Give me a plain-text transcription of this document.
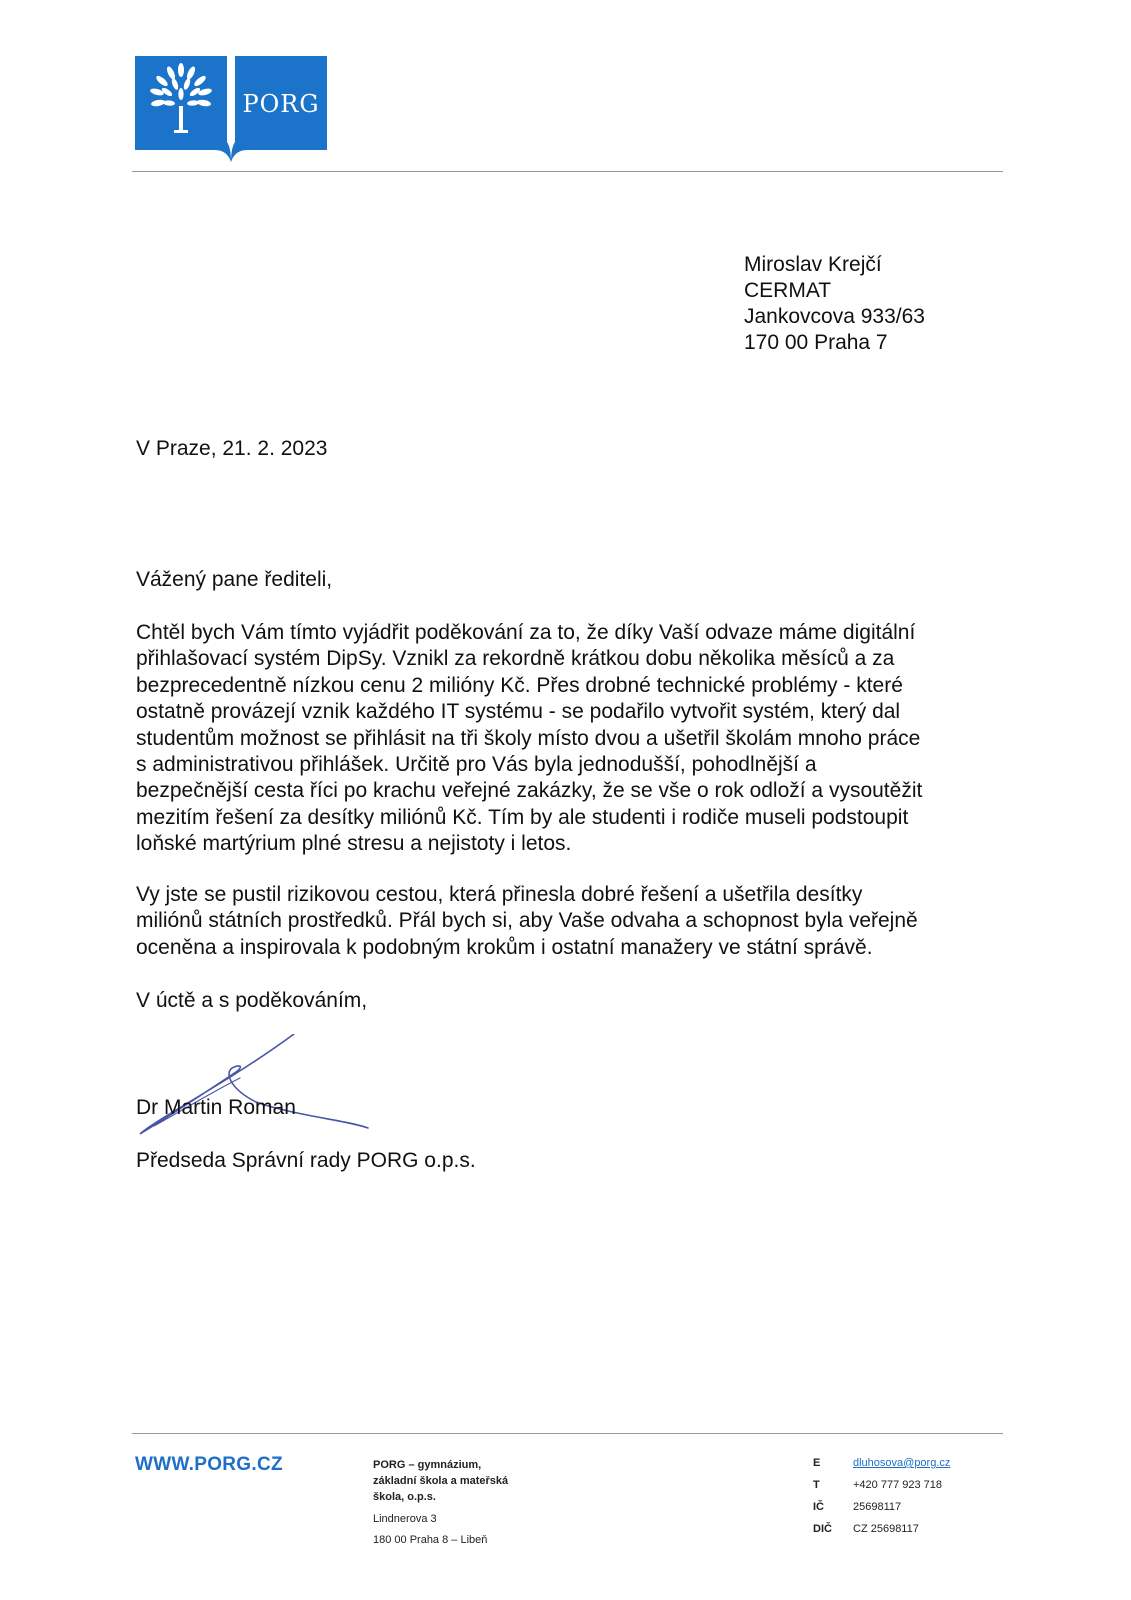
PORG
Miroslav Krejčí
CERMAT
Jankovcova 933/63
170 00 Praha 7
V Praze, 21. 2. 2023
Vážený pane řediteli,
Chtěl bych Vám tímto vyjádřit poděkování za to, že díky Vaší odvaze máme digitální
přihlašovací systém DipSy. Vznikl za rekordně krátkou dobu několika měsíců a za
bezprecedentně nízkou cenu 2 milióny Kč. Přes drobné technické problémy - které
ostatně provázejí vznik každého IT systému - se podařilo vytvořit systém, který dal
studentům možnost se přihlásit na tři školy místo dvou a ušetřil školám mnoho práce
s administrativou přihlášek. Určitě pro Vás byla jednodušší, pohodlnější a
bezpečnější cesta říci po krachu veřejné zakázky, že se vše o rok odloží a vysoutěžit
mezitím řešení za desítky miliónů Kč. Tím by ale studenti i rodiče museli podstoupit
loňské martýrium plné stresu a nejistoty i letos.
Vy jste se pustil rizikovou cestou, která přinesla dobré řešení a ušetřila desítky
miliónů státních prostředků. Přál bych si, aby Vaše odvaha a schopnost byla veřejně
oceněna a inspirovala k podobným krokům i ostatní manažery ve státní správě.
V úctě a s poděkováním,
Dr Martin Roman
Předseda Správní rady PORG o.p.s.
WWW.PORG.CZ	PORG – gymnázium,
základní škola a mateřská
škola, o.p.s.
Lindnerova 3
180 00 Praha 8 – Libeň
E	dluhosova@porg.cz
T	+420 777 923 718
IČ	25698117
DIČ	CZ 25698117
